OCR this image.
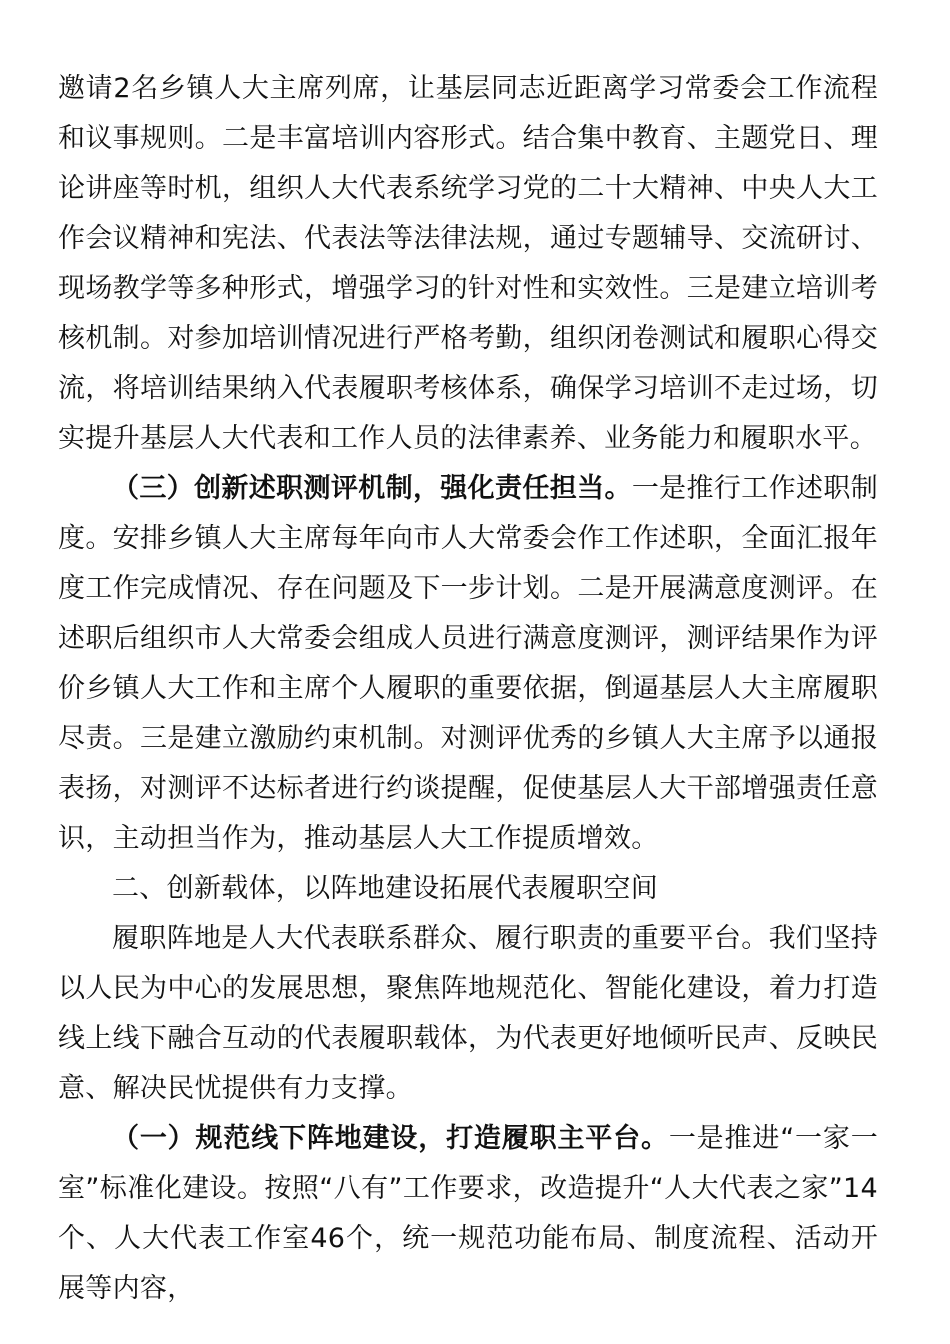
邀请2名乡镇人大主席列席，让基层同志近距离学习常委会工作流程和议事规则。二是丰富培训内容形式。结合集中教育、主题党日、理论讲座等时机，组织人大代表系统学习党的二十大精神、中央人大工作会议精神和宪法、代表法等法律法规，通过专题辅导、交流研讨、现场教学等多种形式，增强学习的针对性和实效性。三是建立培训考核机制。对参加培训情况进行严格考勤，组织闭卷测试和履职心得交流，将培训结果纳入代表履职考核体系，确保学习培训不走过场，切实提升基层人大代表和工作人员的法律素养、业务能力和履职水平。

（三）创新述职测评机制，强化责任担当。一是推行工作述职制度。安排乡镇人大主席每年向市人大常委会作工作述职，全面汇报年度工作完成情况、存在问题及下一步计划。二是开展满意度测评。在述职后组织市人大常委会组成人员进行满意度测评，测评结果作为评价乡镇人大工作和主席个人履职的重要依据，倒逼基层人大主席履职尽责。三是建立激励约束机制。对测评优秀的乡镇人大主席予以通报表扬，对测评不达标者进行约谈提醒，促使基层人大干部增强责任意识，主动担当作为，推动基层人大工作提质增效。

二、创新载体，以阵地建设拓展代表履职空间

履职阵地是人大代表联系群众、履行职责的重要平台。我们坚持以人民为中心的发展思想，聚焦阵地规范化、智能化建设，着力打造线上线下融合互动的代表履职载体，为代表更好地倾听民声、反映民意、解决民忧提供有力支撑。

（一）规范线下阵地建设，打造履职主平台。一是推进“一家一室”标准化建设。按照“八有”工作要求，改造提升“人大代表之家”14个、人大代表工作室46个，统一规范功能布局、制度流程、活动开展等内容，
